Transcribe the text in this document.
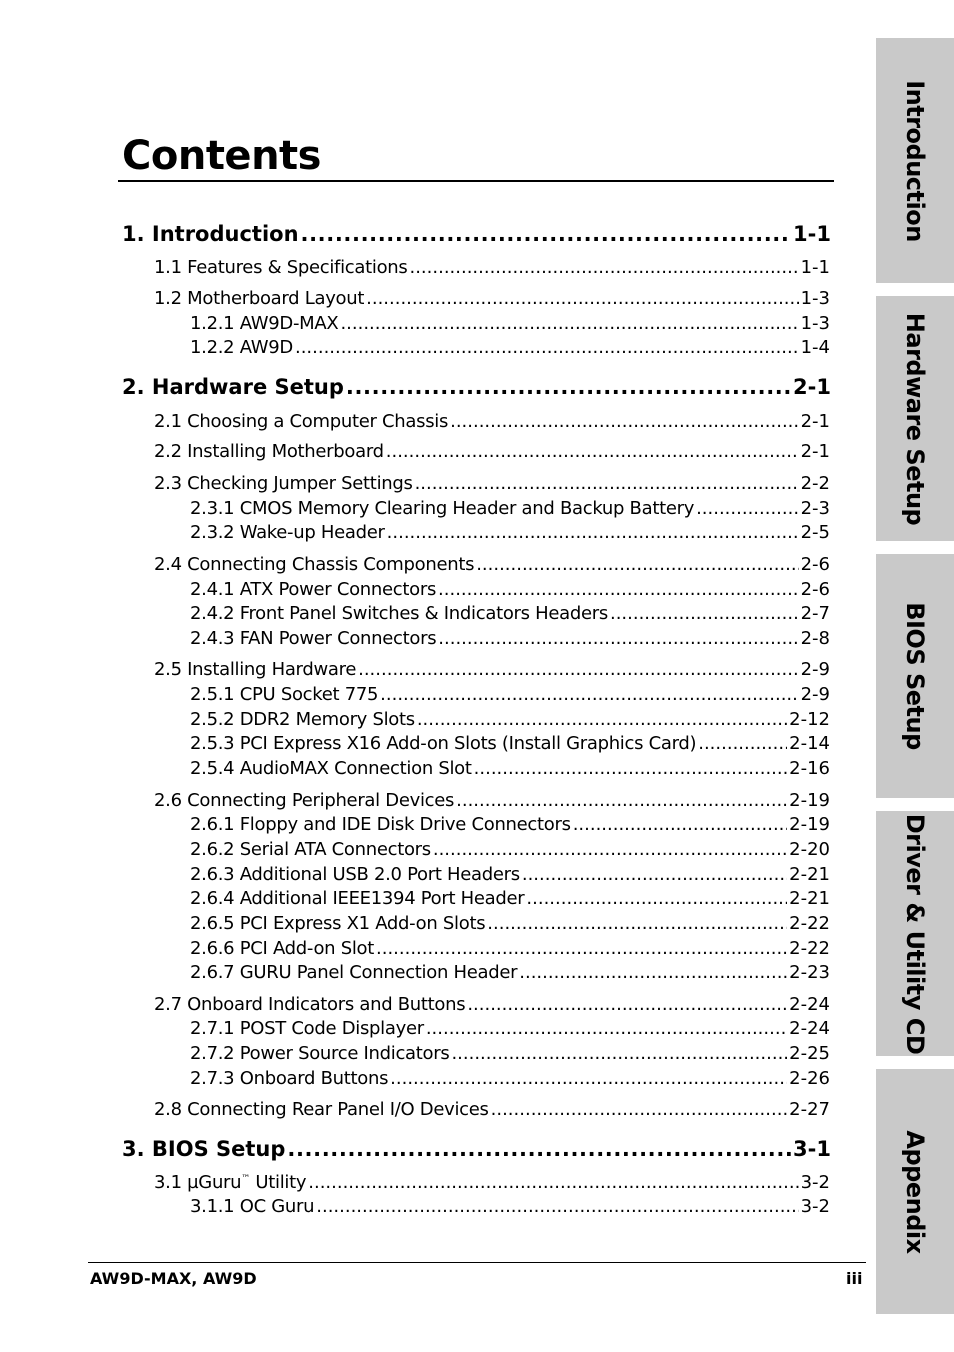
Contents
1. Introduction .....	1-1
1.1 Features & Specifications .....	1-1
1.2 Motherboard Layout .....	1-3
1.2.1 AW9D-MAX .....	1-3
1.2.2 AW9D .....	1-4
2. Hardware Setup .....	2-1
2.1 Choosing a Computer Chassis .....	2-1
2.2 Installing Motherboard .....	2-1
2.3 Checking Jumper Settings .....	2-2
2.3.1 CMOS Memory Clearing Header and Backup Battery .....	2-3
2.3.2 Wake-up Header .....	2-5
2.4 Connecting Chassis Components .....	2-6
2.4.1 ATX Power Connectors .....	2-6
2.4.2 Front Panel Switches & Indicators Headers .....	2-7
2.4.3 FAN Power Connectors .....	2-8
2.5 Installing Hardware .....	2-9
2.5.1 CPU Socket 775 .....	2-9
2.5.2 DDR2 Memory Slots .....	2-12
2.5.3 PCI Express X16 Add-on Slots (Install Graphics Card) .....	2-14
2.5.4 AudioMAX Connection Slot .....	2-16
2.6 Connecting Peripheral Devices .....	2-19
2.6.1 Floppy and IDE Disk Drive Connectors .....	2-19
2.6.2 Serial ATA Connectors .....	2-20
2.6.3 Additional USB 2.0 Port Headers .....	2-21
2.6.4 Additional IEEE1394 Port Header .....	2-21
2.6.5 PCI Express X1 Add-on Slots .....	2-22
2.6.6 PCI Add-on Slot .....	2-22
2.6.7 GURU Panel Connection Header .....	2-23
2.7 Onboard Indicators and Buttons .....	2-24
2.7.1 POST Code Displayer .....	2-24
2.7.2 Power Source Indicators .....	2-25
2.7.3 Onboard Buttons .....	2-26
2.8 Connecting Rear Panel I/O Devices .....	2-27
3. BIOS Setup .....	3-1
3.1 µGuru™ Utility .....	3-2
3.1.1 OC Guru .....	3-2
Introduction
Hardware Setup
BIOS Setup
Driver & Utility CD
Appendix
AW9D-MAX, AW9D	iii
